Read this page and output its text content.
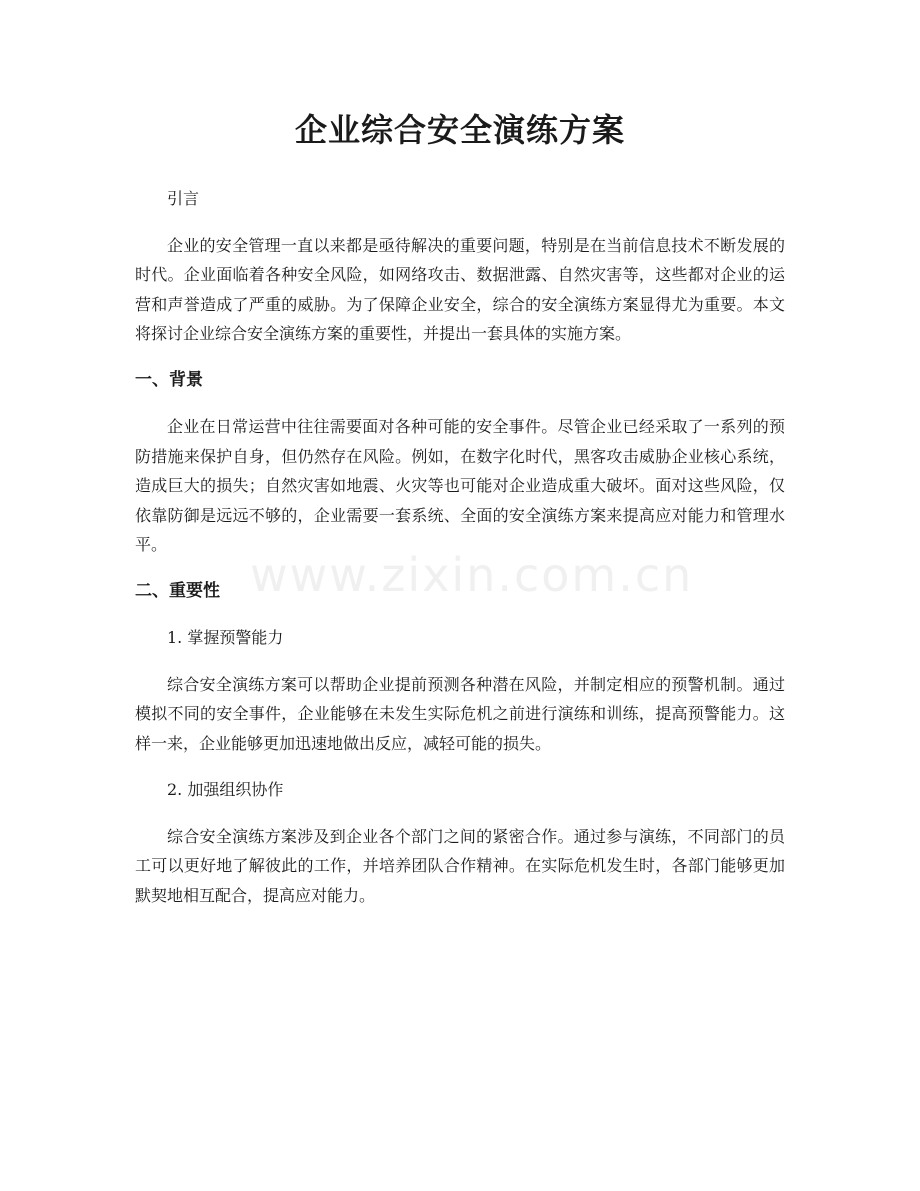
www.zixin.com.cn
企业综合安全演练方案

引言

企业的安全管理一直以来都是亟待解决的重要问题，特别是在当前信息技术不断发展的时代。企业面临着各种安全风险，如网络攻击、数据泄露、自然灾害等，这些都对企业的运营和声誉造成了严重的威胁。为了保障企业安全，综合的安全演练方案显得尤为重要。本文将探讨企业综合安全演练方案的重要性，并提出一套具体的实施方案。

一、背景

企业在日常运营中往往需要面对各种可能的安全事件。尽管企业已经采取了一系列的预防措施来保护自身，但仍然存在风险。例如，在数字化时代，黑客攻击威胁企业核心系统，造成巨大的损失；自然灾害如地震、火灾等也可能对企业造成重大破坏。面对这些风险，仅依靠防御是远远不够的，企业需要一套系统、全面的安全演练方案来提高应对能力和管理水平。

二、重要性

1. 掌握预警能力

综合安全演练方案可以帮助企业提前预测各种潜在风险，并制定相应的预警机制。通过模拟不同的安全事件，企业能够在未发生实际危机之前进行演练和训练，提高预警能力。这样一来，企业能够更加迅速地做出反应，减轻可能的损失。

2. 加强组织协作

综合安全演练方案涉及到企业各个部门之间的紧密合作。通过参与演练，不同部门的员工可以更好地了解彼此的工作，并培养团队合作精神。在实际危机发生时，各部门能够更加默契地相互配合，提高应对能力。
